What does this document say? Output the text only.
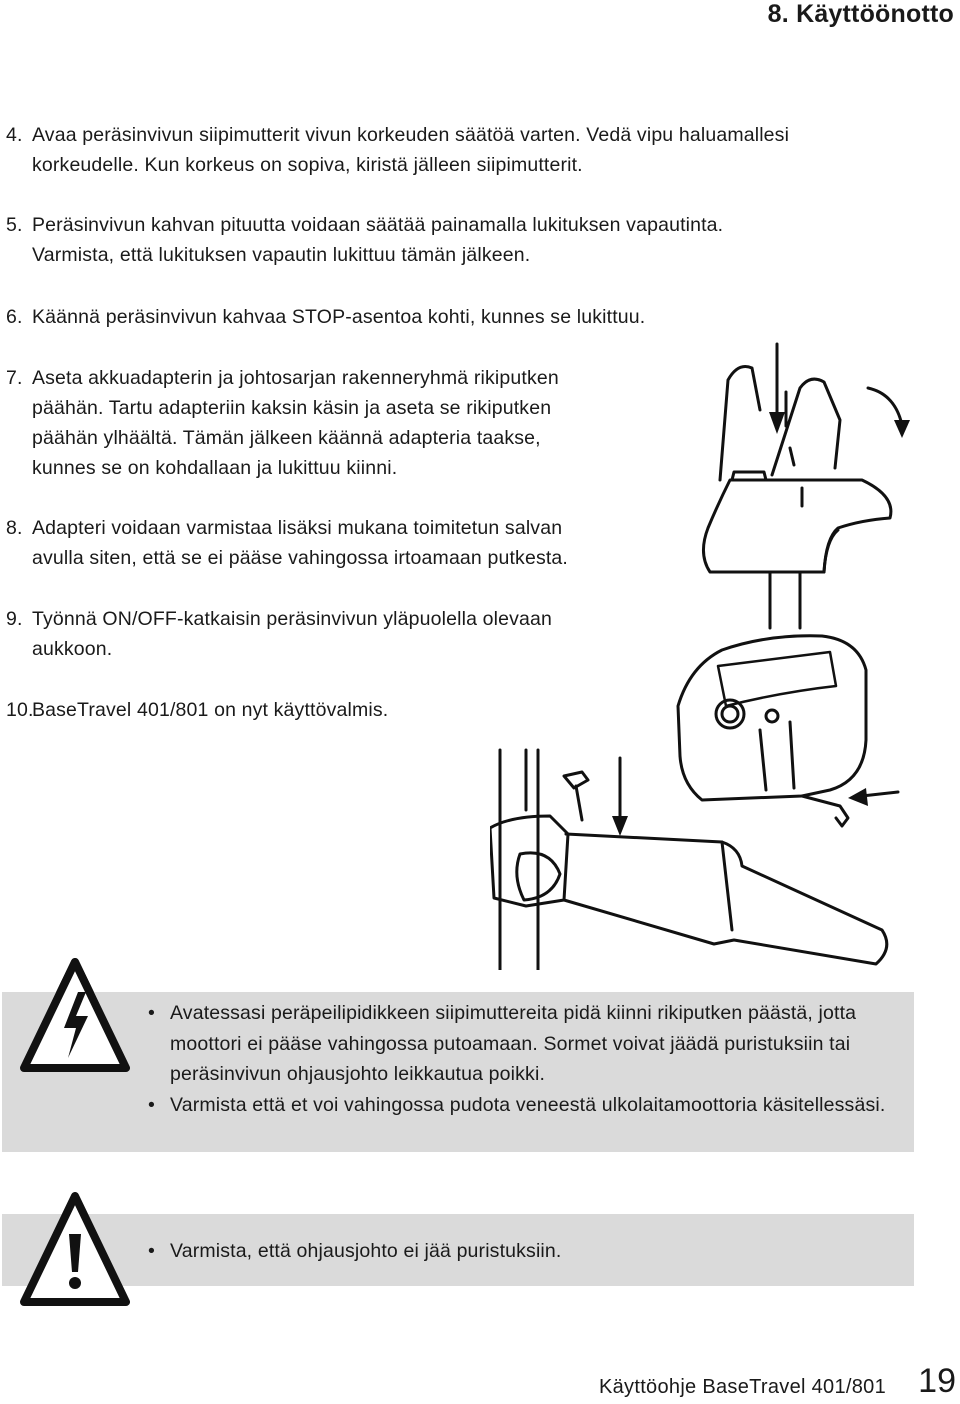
8. Käyttöönotto
4. Avaa peräsinvivun siipimutterit vivun korkeuden säätöä varten. Vedä vipu haluamallesi
korkeudelle. Kun korkeus on sopiva, kiristä jälleen siipimutterit.
5. Peräsinvivun kahvan pituutta voidaan säätää painamalla lukituksen vapautinta.
Varmista, että lukituksen vapautin lukittuu tämän jälkeen.
6. Käännä peräsinvivun kahvaa STOP-asentoa kohti, kunnes se lukittuu.
7. Aseta akkuadapterin ja johtosarjan rakenneryhmä rikiputken
päähän. Tartu adapteriin kaksin käsin ja aseta se rikiputken
päähän ylhäältä. Tämän jälkeen käännä adapteria taakse,
kunnes se on kohdallaan ja lukittuu kiinni.
8. Adapteri voidaan varmistaa lisäksi mukana toimitetun salvan
avulla siten, että se ei pääse vahingossa irtoamaan putkesta.
9. Työnnä ON/OFF-katkaisin peräsinvivun yläpuolella olevaan
aukkoon.
10.BaseTravel 401/801 on nyt käyttövalmis.
• Avatessasi peräpeilipidikkeen siipimuttereita pidä kiinni rikiputken päästä, jotta moottori ei pääse vahingossa putoamaan. Sormet voivat jäädä puristuksiin tai peräsinvivun ohjausjohto leikkautua poikki.
• Varmista että et voi vahingossa pudota veneestä ulkolaitamoottoria käsitellessäsi.
• Varmista, että ohjausjohto ei jää puristuksiin.
Käyttöohje BaseTravel 401/801 19
